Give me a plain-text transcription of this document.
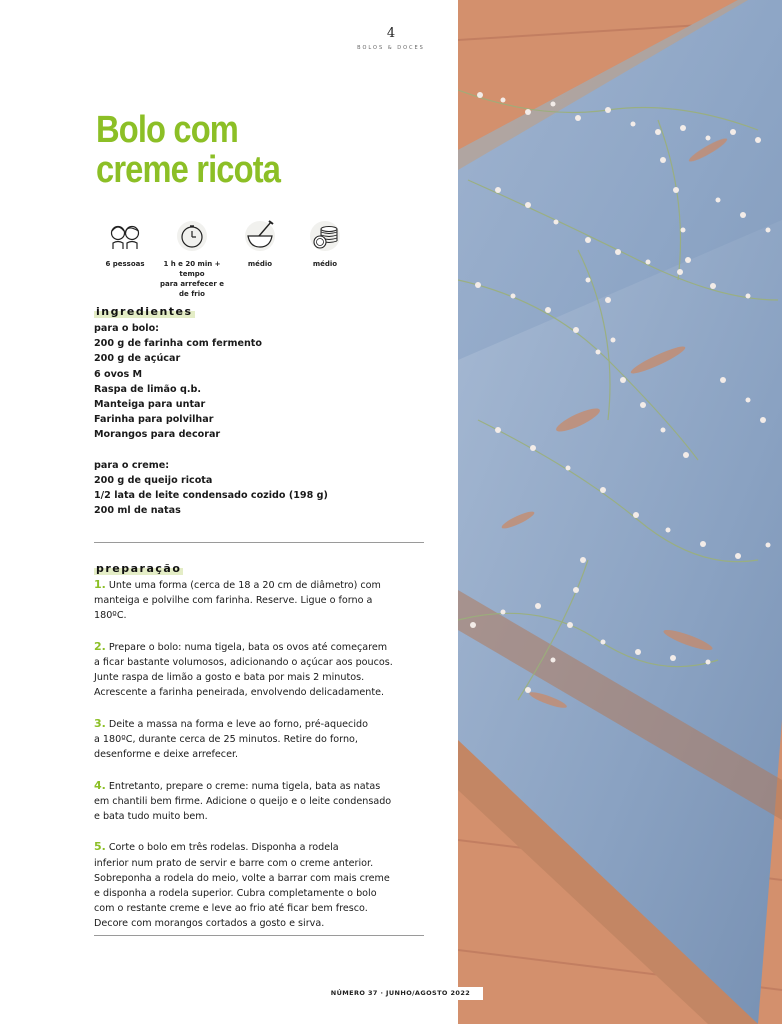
4
BOLOS & DOCES
Bolo com
creme ricota
6 pessoas	1 h e 20 min + tempo
para arrefecer e
de frio
médio	médio
ingredientes
para o bolo:
200 g de farinha com fermento
200 g de açúcar
6 ovos M
Raspa de limão q.b.
Manteiga para untar
Farinha para polvilhar
Morangos para decorar
para o creme:
200 g de queijo ricota
1/2 lata de leite condensado cozido (198 g)
200 ml de natas
preparação
1. Unte uma forma (cerca de 18 a 20 cm de diâmetro) com
manteiga e polvilhe com farinha. Reserve. Ligue o forno a
180ºC.
2. Prepare o bolo: numa tigela, bata os ovos até começarem
a ficar bastante volumosos, adicionando o açúcar aos poucos.
Junte raspa de limão a gosto e bata por mais 2 minutos.
Acrescente a farinha peneirada, envolvendo delicadamente.
3. Deite a massa na forma e leve ao forno, pré-aquecido
a 180ºC, durante cerca de 25 minutos. Retire do forno,
desenforme e deixe arrefecer.
4. Entretanto, prepare o creme: numa tigela, bata as natas
em chantili bem firme. Adicione o queijo e o leite condensado
e bata tudo muito bem.
5. Corte o bolo em três rodelas. Disponha a rodela
inferior num prato de servir e barre com o creme anterior.
Sobreponha a rodela do meio, volte a barrar com mais creme
e disponha a rodela superior. Cubra completamente o bolo
com o restante creme e leve ao frio até ficar bem fresco.
Decore com morangos cortados a gosto e sirva.
NÚMERO 37 · JUNHO/AGOSTO 2022
